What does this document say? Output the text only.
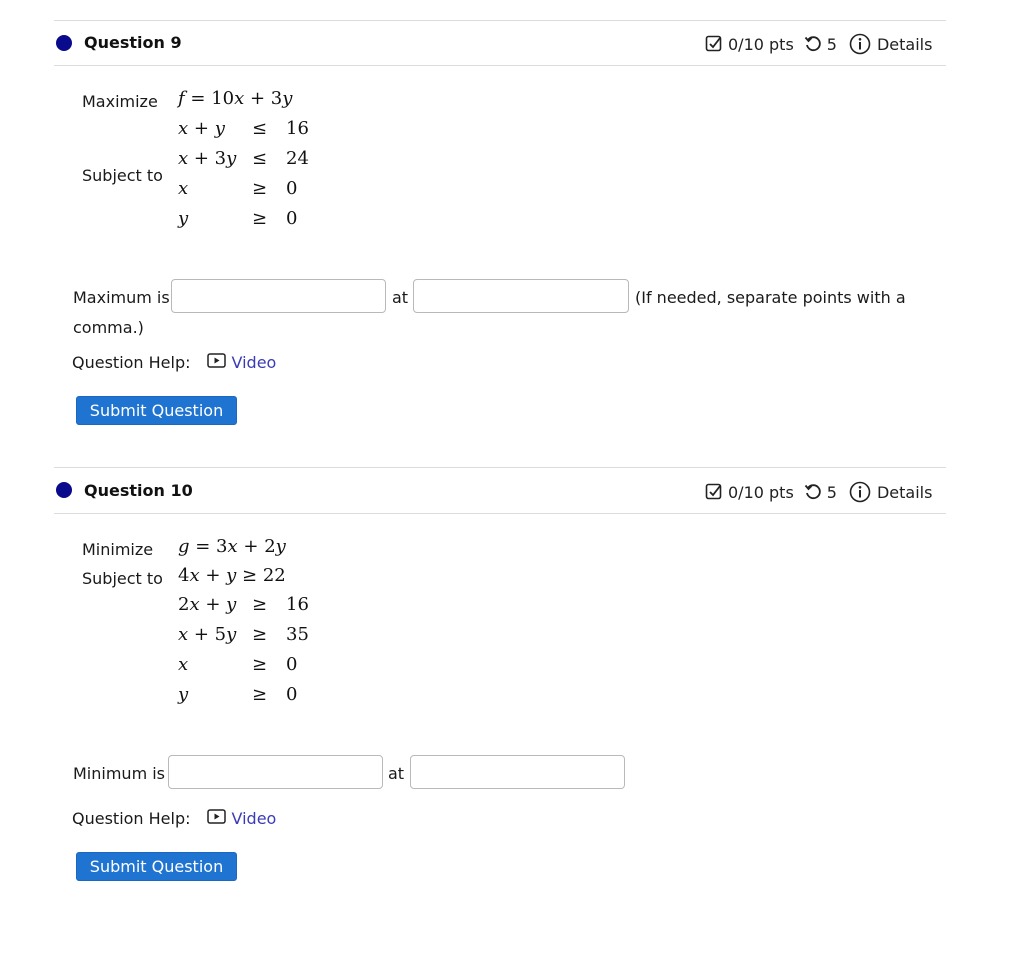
Question 9	0/10 pts 5	Details
Maximize f = 10x + 3y
Subject to
x + y ≤ 16
x + 3y ≤ 24
x	≥ 0
y	≥ 0
Maximum is	at	(If needed, separate points with a
comma.)
Question Help:	Video
Submit Question
Question 10	0/10 pts 5	Details
Minimize g = 3x + 2y
Subject to 4x + y ≥ 22
2x + y ≥ 16
x + 5y ≥ 35
x	≥ 0
y	≥ 0
Minimum is	at
Question Help:	Video
Submit Question
